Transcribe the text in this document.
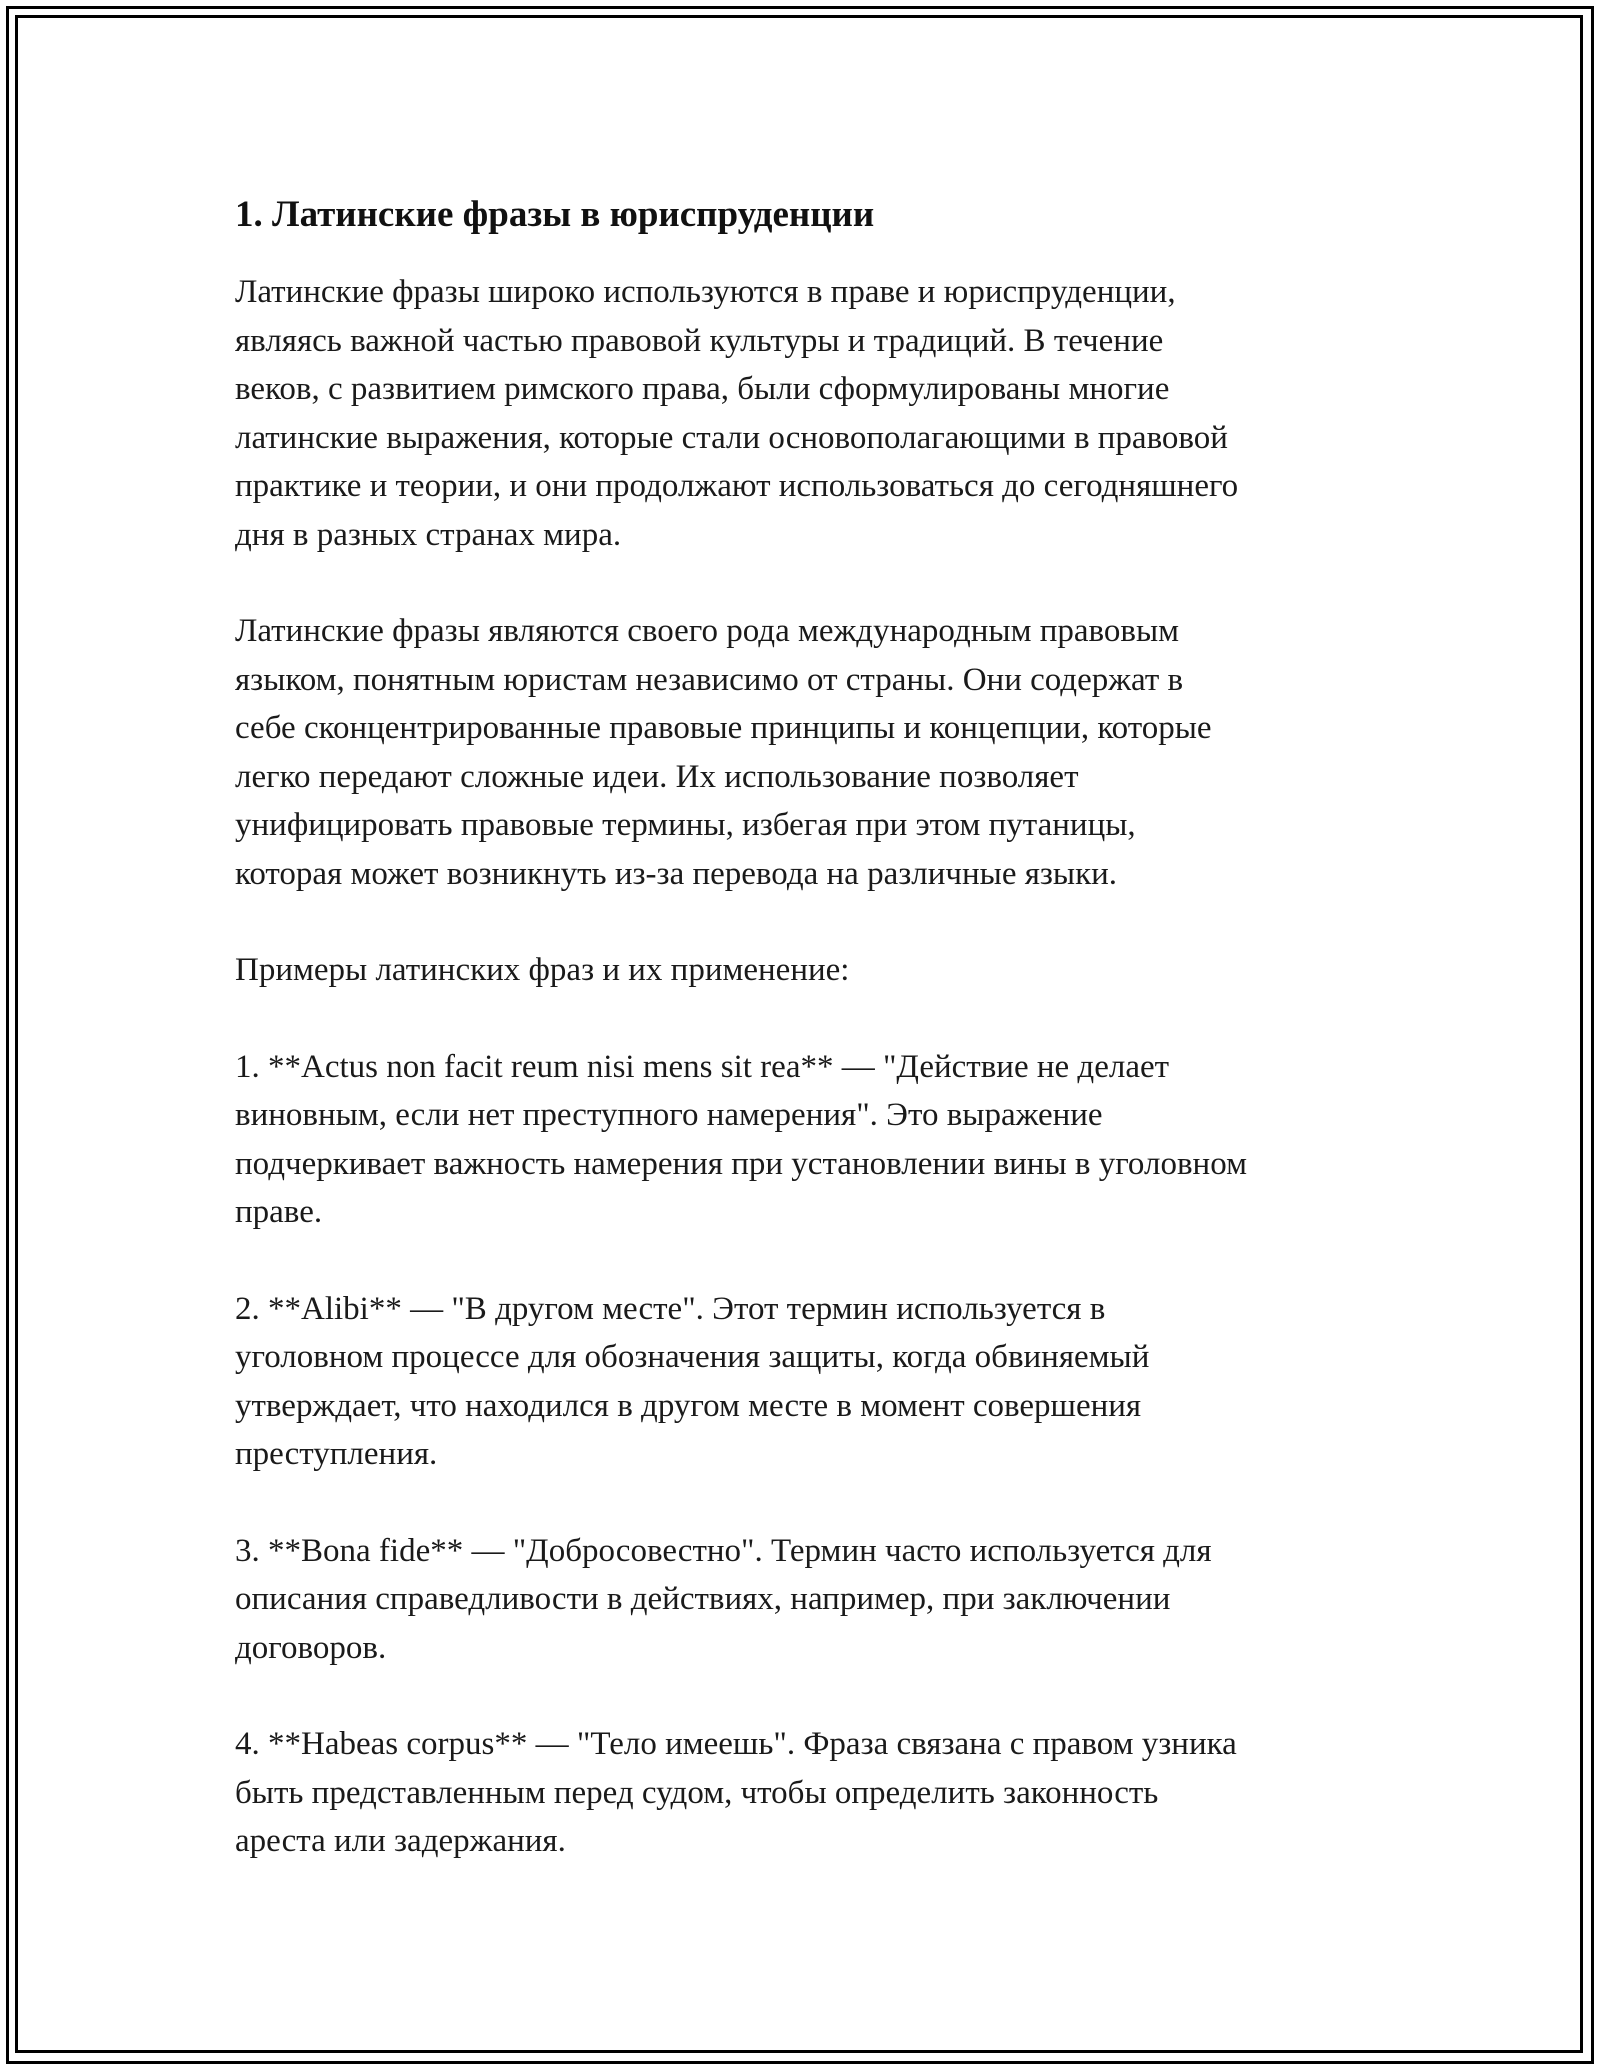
1. Латинские фразы в юриспруденции

Латинские фразы широко используются в праве и юриспруденции,
являясь важной частью правовой культуры и традиций. В течение
веков, с развитием римского права, были сформулированы многие
латинские выражения, которые стали основополагающими в правовой
практике и теории, и они продолжают использоваться до сегодняшнего
дня в разных странах мира.

Латинские фразы являются своего рода международным правовым
языком, понятным юристам независимо от страны. Они содержат в
себе сконцентрированные правовые принципы и концепции, которые
легко передают сложные идеи. Их использование позволяет
унифицировать правовые термины, избегая при этом путаницы,
которая может возникнуть из-за перевода на различные языки.

Примеры латинских фраз и их применение:

1. **Actus non facit reum nisi mens sit rea** — "Действие не делает
виновным, если нет преступного намерения". Это выражение
подчеркивает важность намерения при установлении вины в уголовном
праве.

2. **Alibi** — "В другом месте". Этот термин используется в
уголовном процессе для обозначения защиты, когда обвиняемый
утверждает, что находился в другом месте в момент совершения
преступления.

3. **Bona fide** — "Добросовестно". Термин часто используется для
описания справедливости в действиях, например, при заключении
договоров.

4. **Habeas corpus** — "Тело имеешь". Фраза связана с правом узника
быть представленным перед судом, чтобы определить законность
ареста или задержания.
